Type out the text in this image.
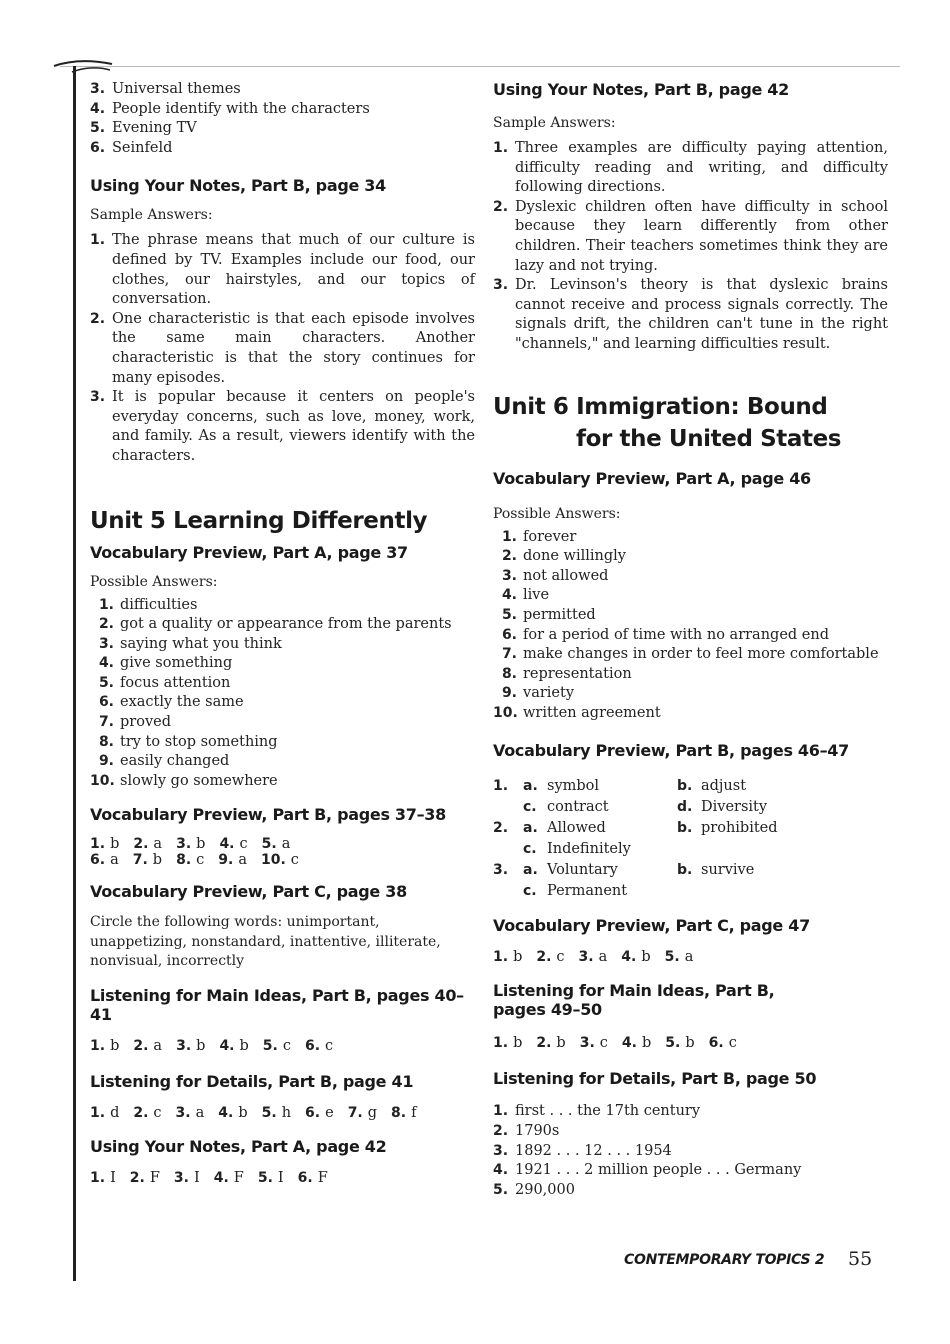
3. Universal themes
4. People identify with the characters
5. Evening TV
6. Seinfeld
Using Your Notes, Part B, page 34

Sample Answers:

1. The phrase means that much of our culture is defined by TV. Examples include our food, our clothes, our hairstyles, and our topics of conversation.
2. One characteristic is that each episode involves the same main characters. Another characteristic is that the story continues for many episodes.
3. It is popular because it centers on people's everyday concerns, such as love, money, work, and family. As a result, viewers identify with the characters.
Unit 5 Learning Differently
Vocabulary Preview, Part A, page 37

Possible Answers:

1. difficulties
2. got a quality or appearance from the parents
3. saying what you think
4. give something
5. focus attention
6. exactly the same
7. proved
8. try to stop something
9. easily changed
10. slowly go somewhere
Vocabulary Preview, Part B, pages 37–38
1. b 2. a 3. b 4. c 5. a
6. a 7. b 8. c 9. a 10. c
Vocabulary Preview, Part C, page 38

Circle the following words: unimportant, unappetizing, nonstandard, inattentive, illiterate, nonvisual, incorrectly

Listening for Main Ideas, Part B, pages 40–41
1. b 2. a 3. b 4. b 5. c 6. c
Listening for Details, Part B, page 41
1. d 2. c 3. a 4. b 5. h 6. e 7. g 8. f
Using Your Notes, Part A, page 42
1. I 2. F 3. I 4. F 5. I 6. F
Using Your Notes, Part B, page 42

Sample Answers:

1. Three examples are difficulty paying attention, difficulty reading and writing, and difficulty following directions.
2. Dyslexic children often have difficulty in school because they learn differently from other children. Their teachers sometimes think they are lazy and not trying.
3. Dr. Levinson's theory is that dyslexic brains cannot receive and process signals correctly. The signals drift, the children can't tune in the right "channels," and learning difficulties result.
Unit 6 Immigration: Bound
for the United States
Vocabulary Preview, Part A, page 46

Possible Answers:

1. forever
2. done willingly
3. not allowed
4. live
5. permitted
6. for a period of time with no arranged end
7. make changes in order to feel more comfortable
8. representation
9. variety
10. written agreement
Vocabulary Preview, Part B, pages 46–47
1.	a. symbol	b. adjust
c. contract	d. Diversity
2.	a. Allowed	b. prohibited
c. Indefinitely
3.	a. Voluntary	b. survive
c. Permanent
Vocabulary Preview, Part C, page 47
1. b 2. c 3. a 4. b 5. a
Listening for Main Ideas, Part B,
pages 49–50
1. b 2. b 3. c 4. b 5. b 6. c
Listening for Details, Part B, page 50
1. first . . . the 17th century
2. 1790s
3. 1892 . . . 12 . . . 1954
4. 1921 . . . 2 million people . . . Germany
5. 290,000
CONTEMPORARY TOPICS 2 55
